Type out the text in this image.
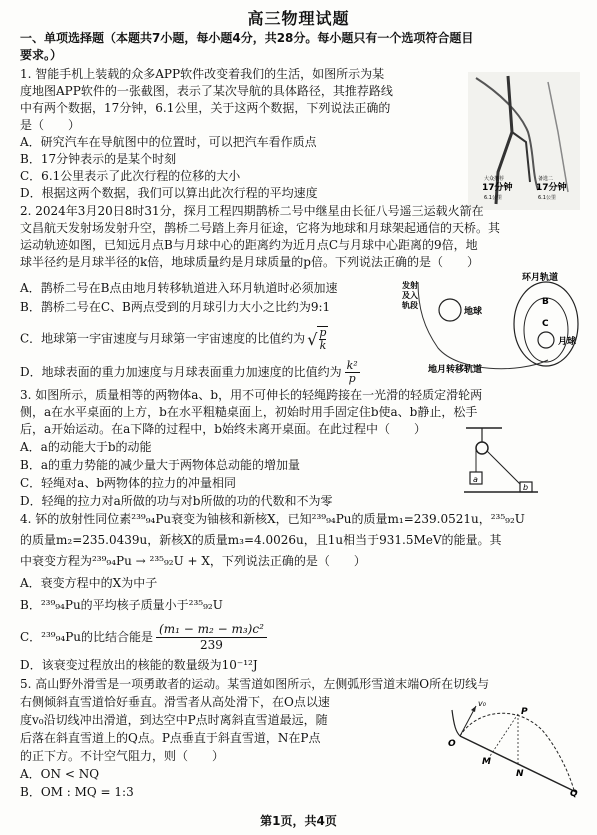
高三物理试题
一、单项选择题（本题共7小题，每小题4分，共28分。每小题只有一个选项符合题目
要求。）
1. 智能手机上装载的众多APP软件改变着我们的生活，如图所示为某
度地图APP软件的一张截图，表示了某次导航的具体路径，其推荐路线
中有两个数据，17分钟，6.1公里，关于这两个数据，下列说法正确的
是（　　）
A．研究汽车在导航图中的位置时，可以把汽车看作质点
B．17分钟表示的是某个时刻
C．6.1公里表示了此次行程的位移的大小
D．根据这两个数据，我们可以算出此次行程的平均速度
大众推荐
17分钟
6.1公里
备选二
17分钟
6.1公里
2. 2024年3月20日8时31分，探月工程四期鹊桥二号中继星由长征八号遥三运载火箭在
文昌航天发射场发射升空，鹊桥二号踏上奔月征途，它将为地球和月球架起通信的天桥。其
运动轨迹如图，已知远月点B与月球中心的距离约为近月点C与月球中心距离的9倍，地
球半径约是月球半径的k倍，地球质量约是月球质量的p倍。下列说法正确的是（　　）
A．鹊桥二号在B点由地月转移轨道进入环月轨道时必须加速
B．鹊桥二号在C、B两点受到的月球引力大小之比约为9:1
C．地球第一宇宙速度与月球第一宇宙速度的比值约为 √ $\frac{p}{k}$
D．地球表面的重力加速度与月球表面重力加速度的比值约为 $\frac{\text{k²}}{p}$
发射
及入
轨段
地球
环月轨道
月球
B
C
地月转移轨道
3. 如图所示，质量相等的两物体a、b，用不可伸长的轻绳跨接在一光滑的轻质定滑轮两
侧，a在水平桌面的上方，b在水平粗糙桌面上，初始时用手固定住b使a、b静止，松手
后，a开始运动。在a下降的过程中，b始终未离开桌面。在此过程中（　　）
A．a的动能大于b的动能
B．a的重力势能的减少量大于两物体总动能的增加量
C．轻绳对a、b两物体的拉力的冲量相同
D．轻绳的拉力对a所做的功与对b所做的功的代数和不为零
a
b
4. 钚的放射性同位素²³⁹₉₄Pu衰变为铀核和新核X，已知²³⁹₉₄Pu的质量m₁=239.0521u，²³⁵₉₂U
的质量m₂=235.0439u，新核X的质量m₃=4.0026u，且1u相当于931.5MeV的能量。其
中衰变方程为²³⁹₉₄Pu → ²³⁵₉₂U + X，下列说法正确的是（　　）
A．衰变方程中的X为中子
B．²³⁹₉₄Pu的平均核子质量小于²³⁵₉₂U
C．²³⁹₉₄Pu的比结合能是 $\frac{\text{(m₁ − m₂ − m₃)c²}}{239}$
D．该衰变过程放出的核能的数量级为10⁻¹²J
5. 高山野外滑雪是一项勇敢者的运动。某雪道如图所示，左侧弧形雪道末端O所在切线与
右侧倾斜直雪道恰好垂直。滑雪者从高处滑下，在O点以速
度v₀沿切线冲出滑道，到达空中P点时离斜直雪道最远，随
后落在斜直雪道上的Q点。P点垂直于斜直雪道，N在P点
的正下方。不计空气阻力，则（　　）
A．ON < NQ
B．OM : MQ = 1:3
v₀
P
O
M
N
Q
第1页，共4页
